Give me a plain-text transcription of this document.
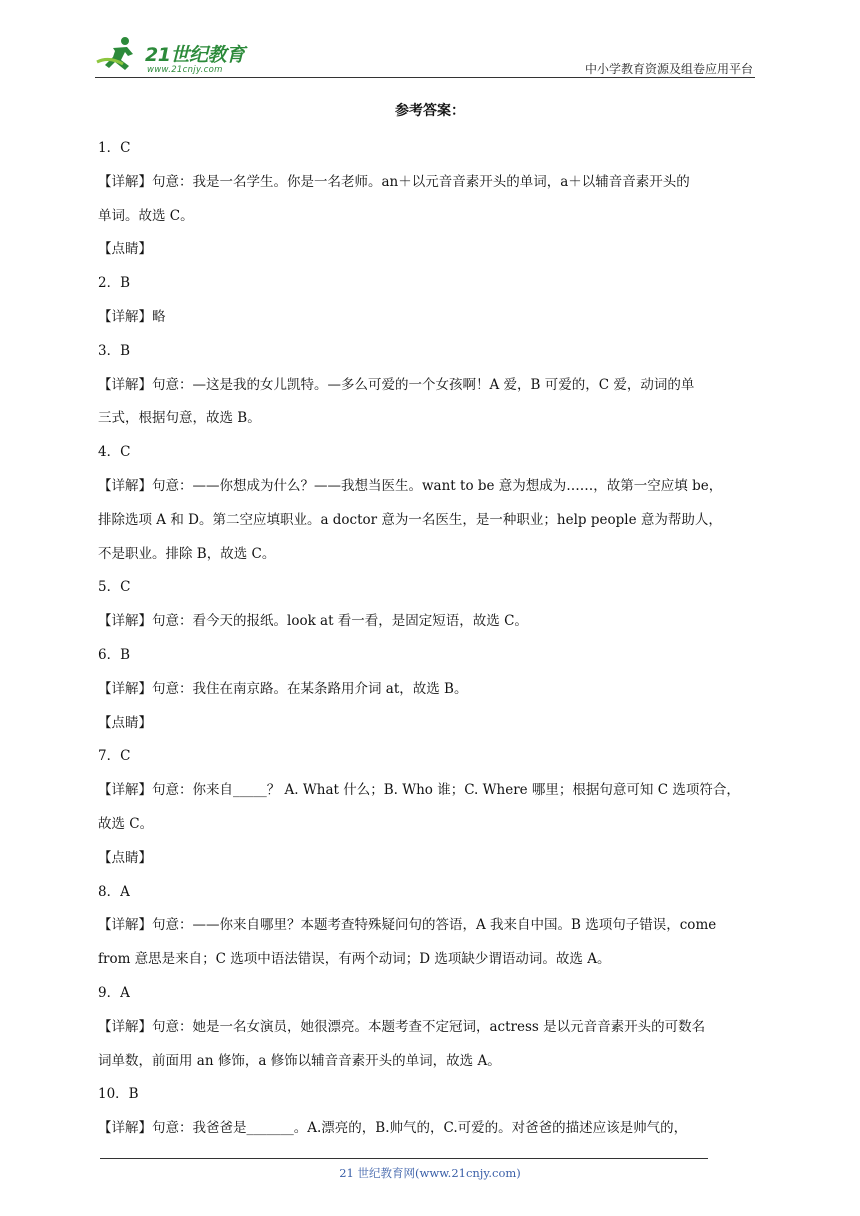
21世纪教育
www.21cnjy.com	中小学教育资源及组卷应用平台

参考答案：

1．C

【详解】句意：我是一名学生。你是一名老师。an＋以元音音素开头的单词，a＋以辅音音素开头的

单词。故选 C。

【点睛】

2．B

【详解】略

3．B

【详解】句意：—这是我的女儿凯特。—多么可爱的一个女孩啊！A 爱，B 可爱的，C 爱，动词的单

三式，根据句意，故选 B。

4．C

【详解】句意：——你想成为什么？——我想当医生。want to be 意为想成为……，故第一空应填 be，

排除选项 A 和 D。第二空应填职业。a doctor 意为一名医生，是一种职业；help people 意为帮助人，

不是职业。排除 B，故选 C。

5．C

【详解】句意：看今天的报纸。look at 看一看，是固定短语，故选 C。

6．B

【详解】句意：我住在南京路。在某条路用介词 at，故选 B。

【点睛】

7．C

【详解】句意：你来自_____？ A. What 什么；B. Who 谁；C. Where 哪里；根据句意可知 C 选项符合，

故选 C。

【点睛】

8．A

【详解】句意：——你来自哪里？本题考查特殊疑问句的答语，A 我来自中国。B 选项句子错误，come

from 意思是来自；C 选项中语法错误，有两个动词；D 选项缺少谓语动词。故选 A。

9．A

【详解】句意：她是一名女演员，她很漂亮。本题考查不定冠词，actress 是以元音音素开头的可数名

词单数，前面用 an 修饰，a 修饰以辅音音素开头的单词，故选 A。

10．B

【详解】句意：我爸爸是_______。A.漂亮的，B.帅气的，C.可爱的。对爸爸的描述应该是帅气的，

21 世纪教育网(www.21cnjy.com)
